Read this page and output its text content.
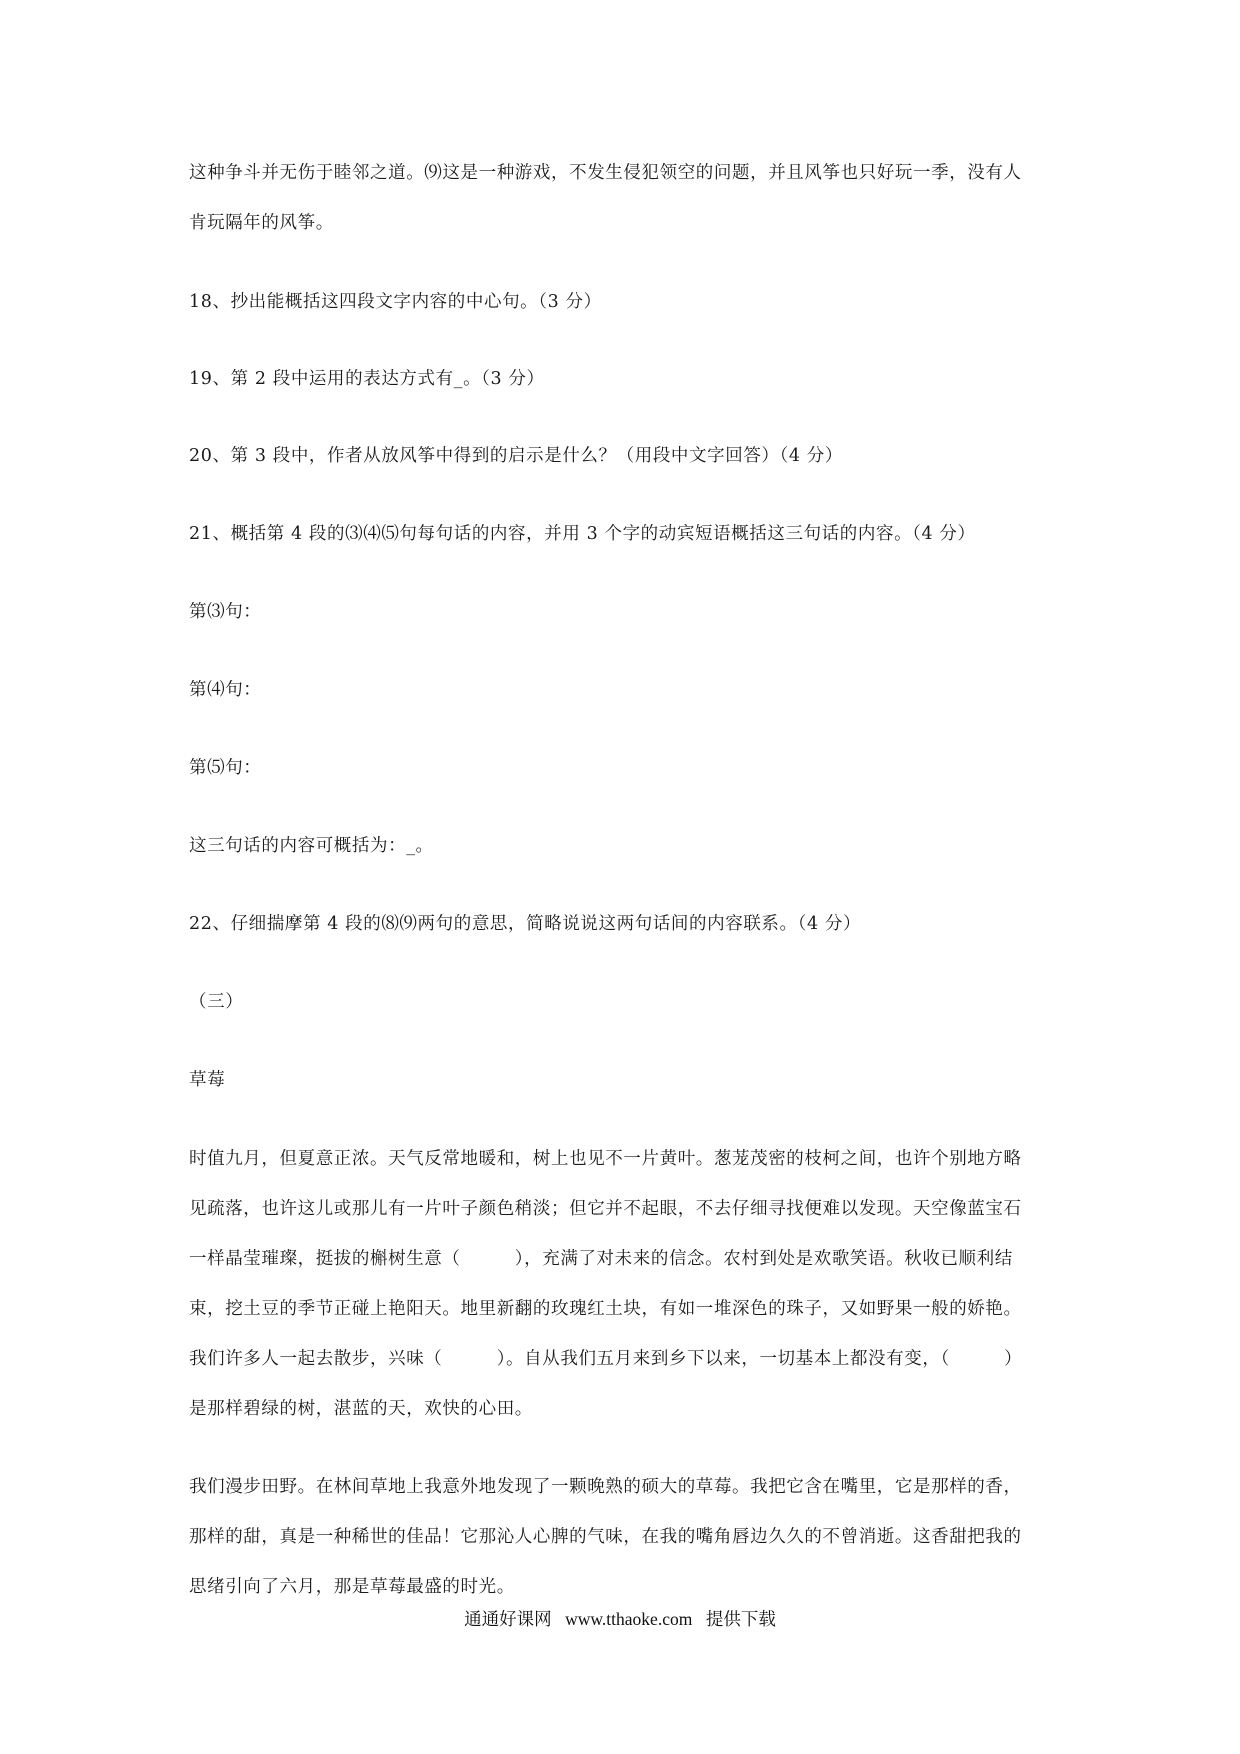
这种争斗并无伤于睦邻之道。⑼这是一种游戏，不发生侵犯领空的问题，并且风筝也只好玩一季，没有人
肯玩隔年的风筝。
18、抄出能概括这四段文字内容的中心句。（3 分）
19、第 2 段中运用的表达方式有_。（3 分）
20、第 3 段中，作者从放风筝中得到的启示是什么？（用段中文字回答）（4 分）
21、概括第 4 段的⑶⑷⑸句每句话的内容，并用 3 个字的动宾短语概括这三句话的内容。（4 分）
第⑶句：
第⑷句：
第⑸句：
这三句话的内容可概括为：_。
22、仔细揣摩第 4 段的⑻⑼两句的意思，简略说说这两句话间的内容联系。（4 分）
（三）
草莓
时值九月，但夏意正浓。天气反常地暖和，树上也见不一片黄叶。葱茏茂密的枝柯之间，也许个别地方略
见疏落，也许这儿或那儿有一片叶子颜色稍淡；但它并不起眼，不去仔细寻找便难以发现。天空像蓝宝石
一样晶莹璀璨，挺拔的槲树生意（　　　），充满了对未来的信念。农村到处是欢歌笑语。秋收已顺利结
束，挖土豆的季节正碰上艳阳天。地里新翻的玫瑰红土块，有如一堆深色的珠子，又如野果一般的娇艳。
我们许多人一起去散步，兴味（　　　）。自从我们五月来到乡下以来，一切基本上都没有变，（　　　）
是那样碧绿的树，湛蓝的天，欢快的心田。
我们漫步田野。在林间草地上我意外地发现了一颗晚熟的硕大的草莓。我把它含在嘴里，它是那样的香，
那样的甜，真是一种稀世的佳品！它那沁人心脾的气味，在我的嘴角唇边久久的不曾消逝。这香甜把我的
思绪引向了六月，那是草莓最盛的时光。
通通好课网 www.tthaoke.com 提供下载
